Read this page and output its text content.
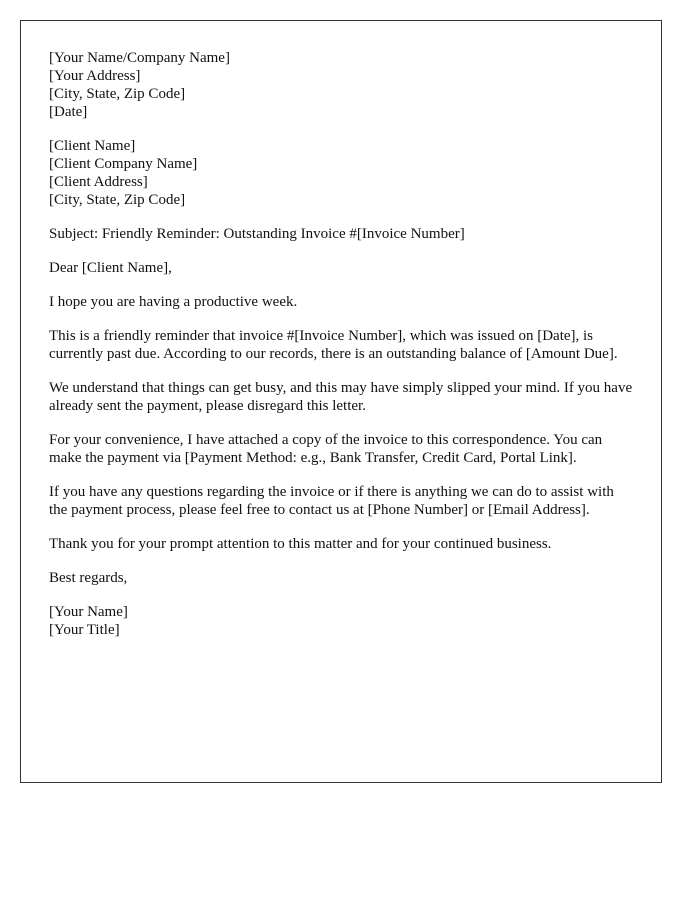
[Your Name/Company Name]
[Your Address]
[City, State, Zip Code]
[Date]
[Client Name]
[Client Company Name]
[Client Address]
[City, State, Zip Code]

Subject: Friendly Reminder: Outstanding Invoice #[Invoice Number]

Dear [Client Name],

I hope you are having a productive week.

This is a friendly reminder that invoice #[Invoice Number], which was issued on [Date], is currently past due. According to our records, there is an outstanding balance of [Amount Due].

We understand that things can get busy, and this may have simply slipped your mind. If you have already sent the payment, please disregard this letter.

For your convenience, I have attached a copy of the invoice to this correspondence. You can make the payment via [Payment Method: e.g., Bank Transfer, Credit Card, Portal Link].

If you have any questions regarding the invoice or if there is anything we can do to assist with the payment process, please feel free to contact us at [Phone Number] or [Email Address].

Thank you for your prompt attention to this matter and for your continued business.

Best regards,

[Your Name]
[Your Title]
